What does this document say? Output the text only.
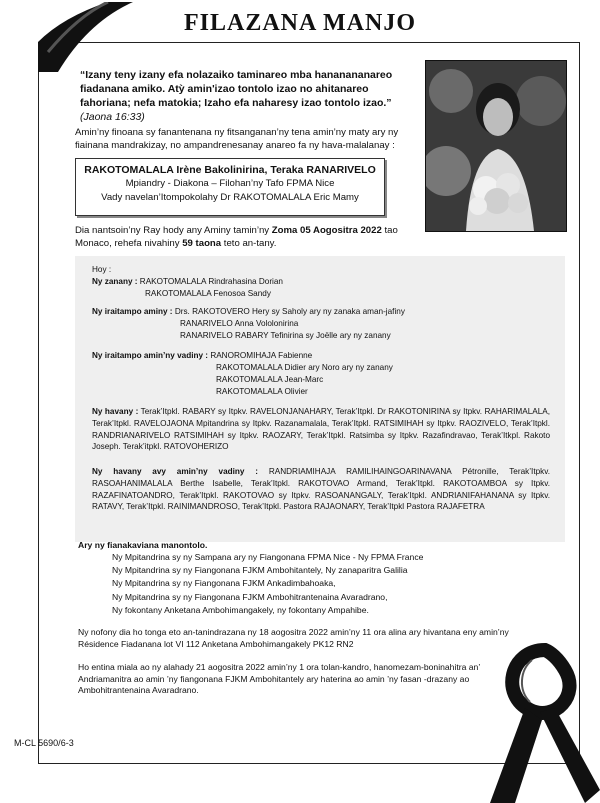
FILAZANA MANJO
“Izany teny izany efa nolazaiko taminareo mba hananananareo fiadanana amiko. Atỳ amin'izao tontolo izao no ahitanareo fahoriana; nefa matokia; Izaho efa naharesy izao tontolo izao.” (Jaona 16:33)
Amin’ny finoana sy fanantenana ny fitsanganan’ny tena amin’ny maty ary ny fiainana mandrakizay, no ampandrenesanay anareo fa ny hava-malalanay :
RAKOTOMALALA Irène Bakolinirina, Teraka RANARIVELO
Mpiandry - Diakona – Filohan’ny Tafo FPMA Nice
Vady navelan’Itompokolahy Dr RAKOTOMALALA Eric Mamy
Dia nantsoin’ny Ray hody any Aminy tamin’ny Zoma 05 Aogositra 2022 tao Monaco, rehefa nivahiny 59 taona teto an-tany.
Hoy :
Ny zanany : RAKOTOMALALA Rindrahasina Dorian
RAKOTOMALALA Fenosoa Sandy
Ny iraitampo aminy : Drs. RAKOTOVERO Hery sy Saholy ary ny zanaka aman-jafiny
RANARIVELO Anna Vololonirina
RANARIVELO RABARY Tefinirina sy Joëlle ary ny zanany
Ny iraitampo amin’ny vadiny : RANOROMIHAJA Fabienne
RAKOTOMALALA Didier ary Noro ary ny zanany
RAKOTOMALALA Jean-Marc
RAKOTOMALALA Olivier
Ny havany : Terak’Itpkl. RABARY sy Itpkv. RAVELONJANAHARY, Terak’Itpkl. Dr RAKOTONIRINA sy Itpkv. RAHARIMALALA, Terak’Itpkl. RAVELOJAONA Mpitandrina sy Itpkv. Razanamalala, Terak’Itpkl. RATSIMIHAH sy Itpkv. RAOZIVELO, Terak’Itpkl. RANDRIANARIVELO RATSIMIHAH sy Itpkv. RAOZARY, Terak’Itpkl. Ratsimba sy Itpkv. Razafindravao, Terak’Itkpl. Rakoto Joseph. Terak’itpkl. RATOVOHERIZO
Ny havany avy amin’ny vadiny : RANDRIAMIHAJA RAMILIHAINGOARINAVANA Pétronille, Terak’Itpkv. RASOAHANIMALALA Berthe Isabelle, Terak’Itpkl. RAKOTOVAO Armand, Terak’Itpkl. RAKOTOAMBOA sy Itpkv. RAZAFINATOANDRO, Terak’Itpkl. RAKOTOVAO sy Itpkv. RASOANANGALY, Terak’Itpkl. ANDRIANIFAHANANA sy Itpkv. RATAVY, Terak’Itpkl. RAINIMANDROSO, Terak’Itpkl. Pastora RAJAONARY, Terak’Itpkl Pastora RAJAFETRA
Ary ny fianakaviana manontolo.
Ny Mpitandrina sy ny Sampana ary ny Fiangonana FPMA Nice - Ny FPMA France
Ny Mpitandrina sy ny Fiangonana FJKM Ambohitantely, Ny zanaparitra Galilia
Ny Mpitandrina sy ny Fiangonana FJKM Ankadimbahoaka,
Ny Mpitandrina sy ny Fiangonana FJKM Ambohitrantenaina Avaradrano,
Ny fokontany Anketana Ambohimangakely, ny fokontany Ampahibe.
Ny nofony dia ho tonga eto an-tanindrazana ny 18 aogositra 2022 amin’ny 11 ora alina ary hivantana eny amin’ny Résidence Fiadanana lot VI 112 Anketana Ambohimangakely PK12 RN2
Ho entina miala ao ny alahady 21 aogositra 2022 amin’ny 1 ora tolan-kandro, hanomezam-boninahitra an’ Andriamanitra ao amin ’ny fiangonana FJKM Ambohitantely ary haterina ao amin ’ny fasan -drazany ao Ambohitrantenaina Avaradrano.
M-CL 5690/6-3
